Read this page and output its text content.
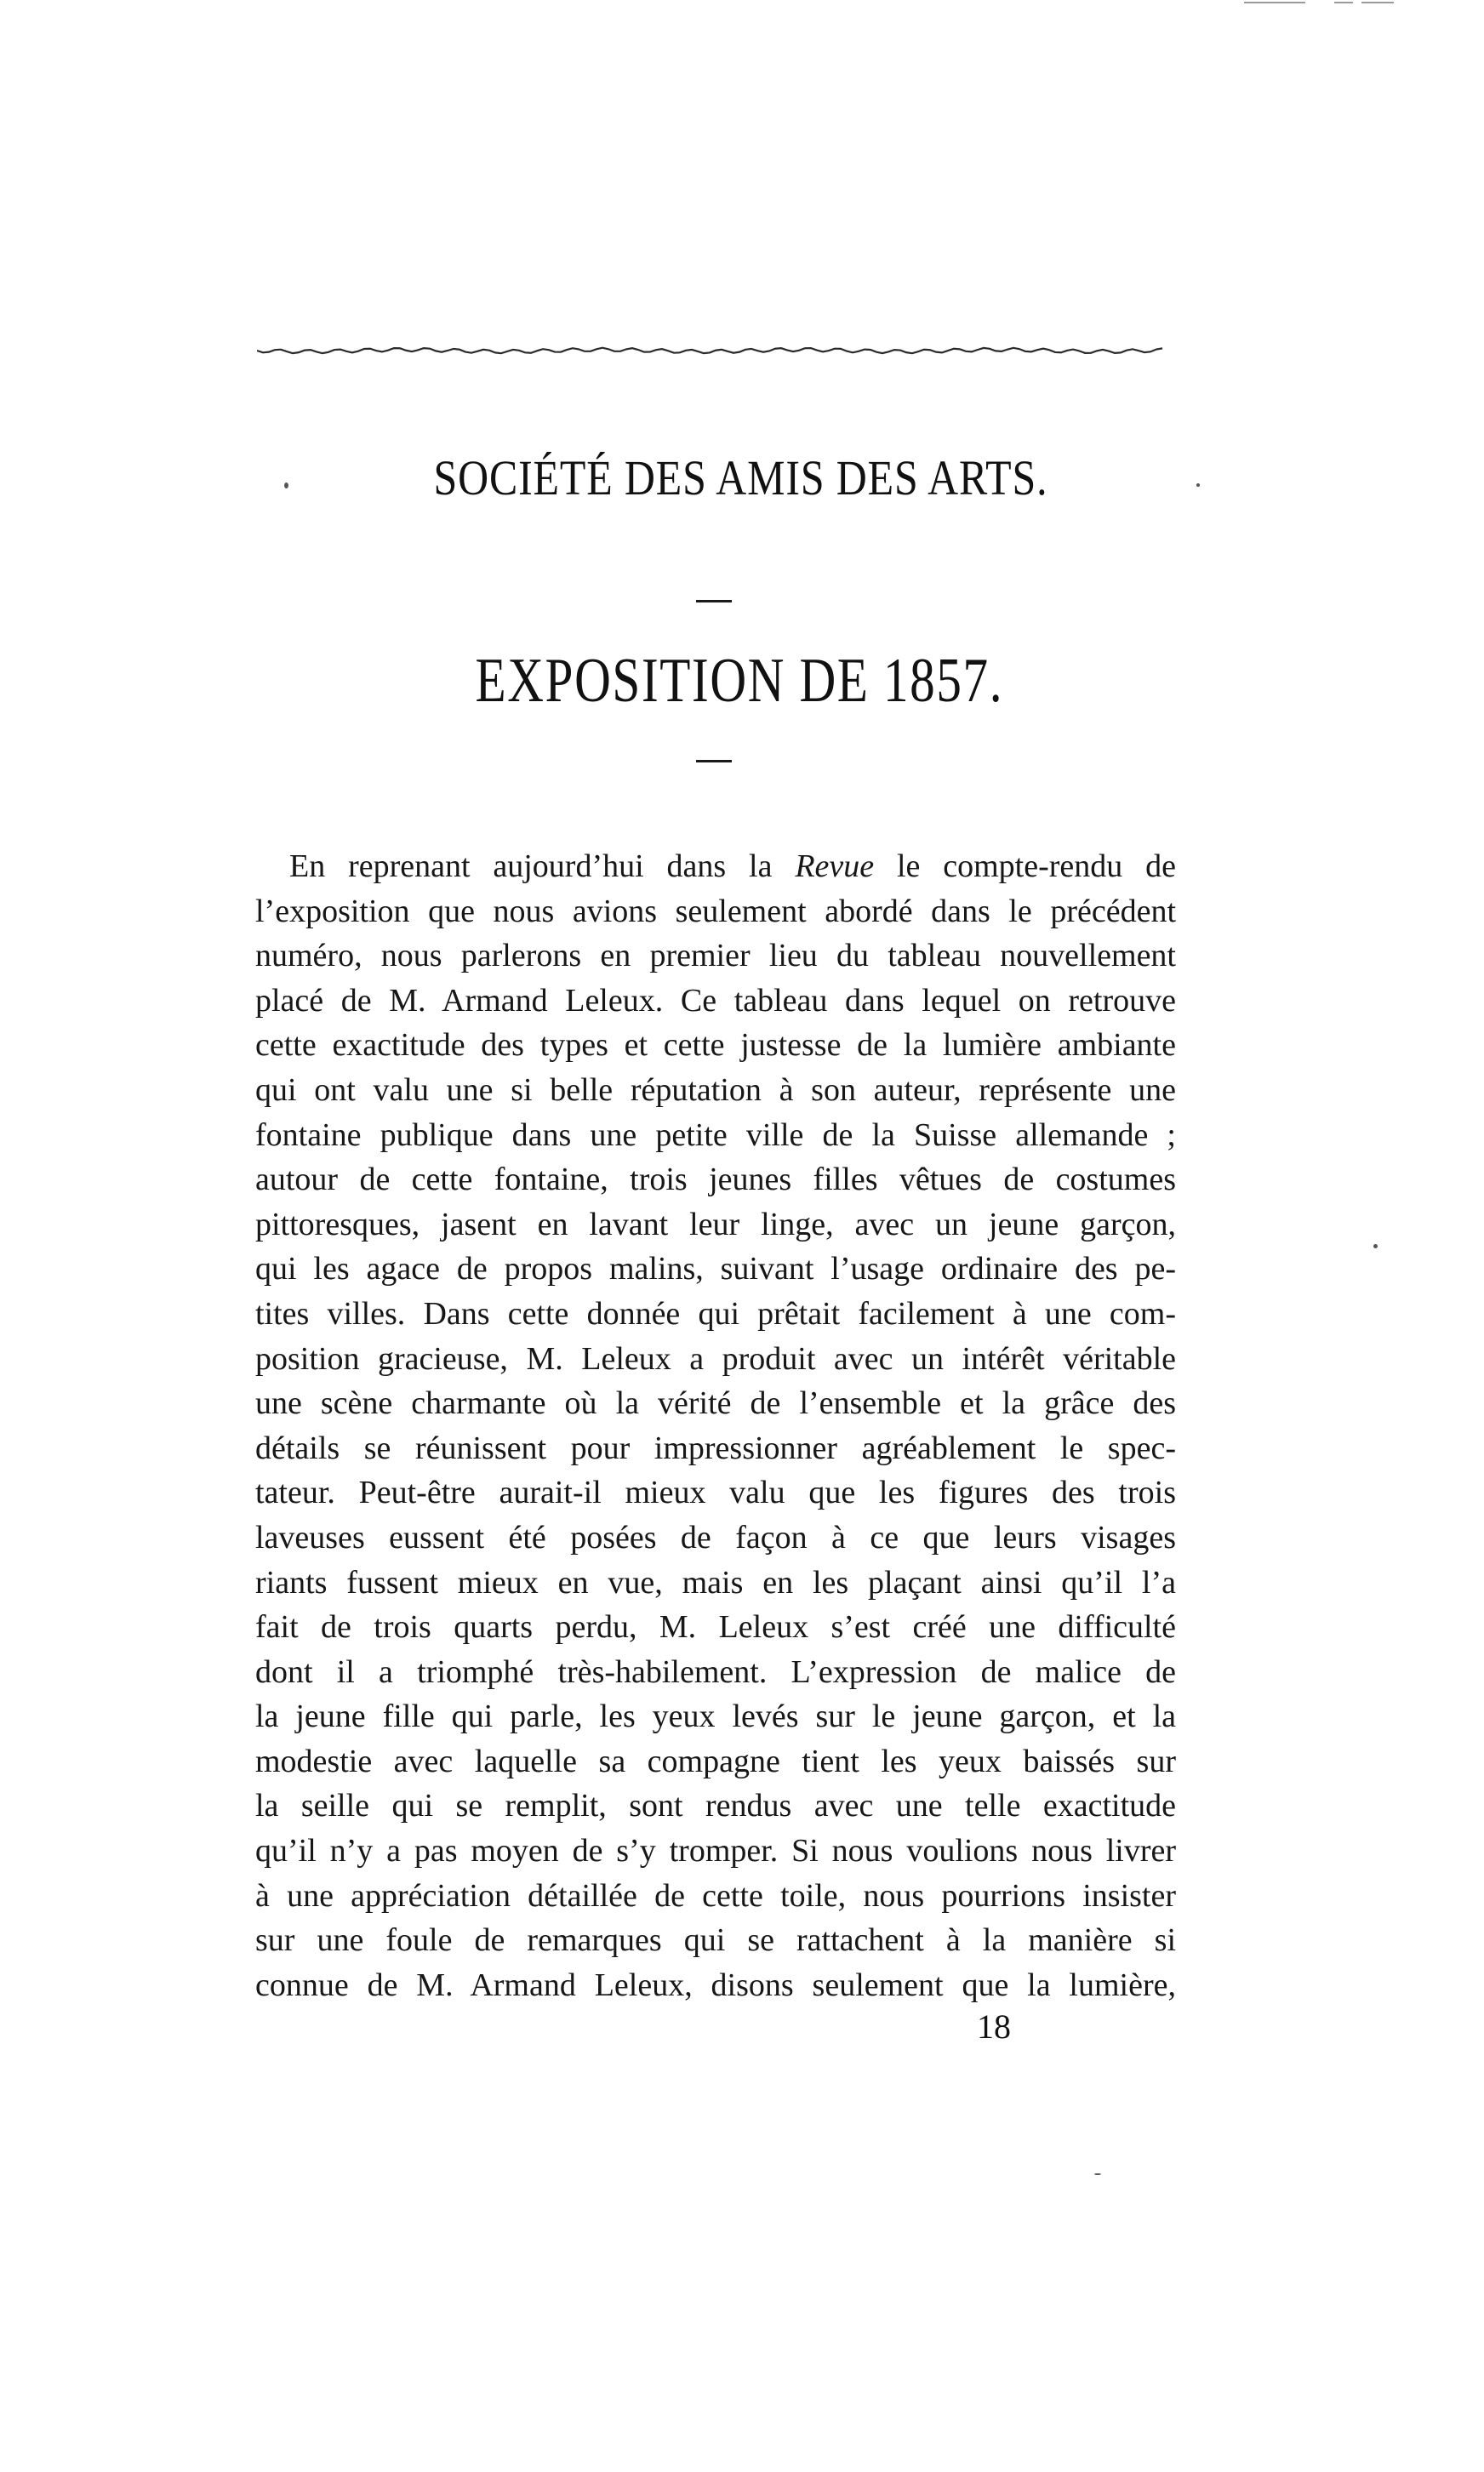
SOCIÉTÉ DES AMIS DES ARTS.
EXPOSITION DE 1857.
En reprenant aujourd’hui dans la Revue le compte-rendu de
l’exposition que nous avions seulement abordé dans le précédent
numéro, nous parlerons en premier lieu du tableau nouvellement
placé de M. Armand Leleux. Ce tableau dans lequel on retrouve
cette exactitude des types et cette justesse de la lumière ambiante
qui ont valu une si belle réputation à son auteur, représente une
fontaine publique dans une petite ville de la Suisse allemande ;
autour de cette fontaine, trois jeunes filles vêtues de costumes
pittoresques, jasent en lavant leur linge, avec un jeune garçon,
qui les agace de propos malins, suivant l’usage ordinaire des pe-
tites villes. Dans cette donnée qui prêtait facilement à une com-
position gracieuse, M. Leleux a produit avec un intérêt véritable
une scène charmante où la vérité de l’ensemble et la grâce des
détails se réunissent pour impressionner agréablement le spec-
tateur. Peut-être aurait-il mieux valu que les figures des trois
laveuses eussent été posées de façon à ce que leurs visages
riants fussent mieux en vue, mais en les plaçant ainsi qu’il l’a
fait de trois quarts perdu, M. Leleux s’est créé une difficulté
dont il a triomphé très-habilement. L’expression de malice de
la jeune fille qui parle, les yeux levés sur le jeune garçon, et la
modestie avec laquelle sa compagne tient les yeux baissés sur
la seille qui se remplit, sont rendus avec une telle exactitude
qu’il n’y a pas moyen de s’y tromper. Si nous voulions nous livrer
à une appréciation détaillée de cette toile, nous pourrions insister
sur une foule de remarques qui se rattachent à la manière si
connue de M. Armand Leleux, disons seulement que la lumière,
18
